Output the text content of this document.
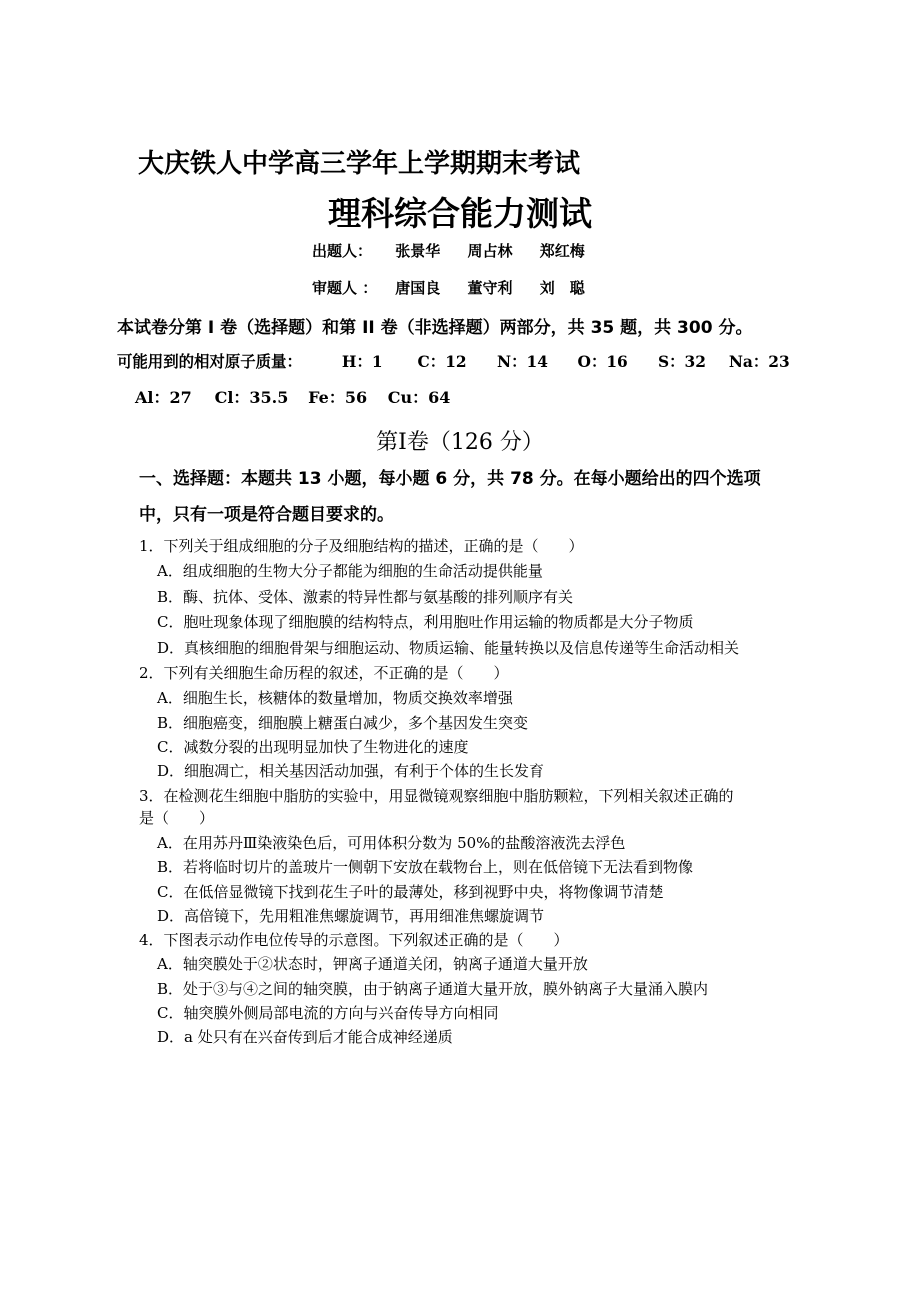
大庆铁人中学高三学年上学期期末考试
理科综合能力测试
出题人： 张景华 周占林 郑红梅
审题人 ： 唐国良 董守利 刘　聪
本试卷分第 I 卷（选择题）和第 II 卷（非选择题）两部分，共 35 题，共 300 分。
可能用到的相对原子质量：	H：1 C：12 N：14 O：16 S：32 Na：23
Al：27 Cl：35.5 Fe：56 Cu：64
第Ⅰ卷（126 分）
一、选择题：本题共 13 小题，每小题 6 分，共 78 分。在每小题给出的四个选项中，只有一项是符合题目要求的。
1．下列关于组成细胞的分子及细胞结构的描述，正确的是（　　）
A．组成细胞的生物大分子都能为细胞的生命活动提供能量
B．酶、抗体、受体、激素的特异性都与氨基酸的排列顺序有关
C．胞吐现象体现了细胞膜的结构特点，利用胞吐作用运输的物质都是大分子物质
D．真核细胞的细胞骨架与细胞运动、物质运输、能量转换以及信息传递等生命活动相关
2．下列有关细胞生命历程的叙述，不正确的是（　　）
A．细胞生长，核糖体的数量增加，物质交换效率增强
B．细胞癌变，细胞膜上糖蛋白减少，多个基因发生突变
C．减数分裂的出现明显加快了生物进化的速度
D．细胞凋亡，相关基因活动加强，有利于个体的生长发育
3．在检测花生细胞中脂肪的实验中，用显微镜观察细胞中脂肪颗粒，下列相关叙述正确的
是（　　）
A．在用苏丹Ⅲ染液染色后，可用体积分数为 50%的盐酸溶液洗去浮色
B．若将临时切片的盖玻片一侧朝下安放在载物台上，则在低倍镜下无法看到物像
C．在低倍显微镜下找到花生子叶的最薄处，移到视野中央，将物像调节清楚
D．高倍镜下，先用粗准焦螺旋调节，再用细准焦螺旋调节
4．下图表示动作电位传导的示意图。下列叙述正确的是（　　）
A．轴突膜处于②状态时，钾离子通道关闭，钠离子通道大量开放
B．处于③与④之间的轴突膜，由于钠离子通道大量开放，膜外钠离子大量涌入膜内
C．轴突膜外侧局部电流的方向与兴奋传导方向相同
D．a 处只有在兴奋传到后才能合成神经递质
